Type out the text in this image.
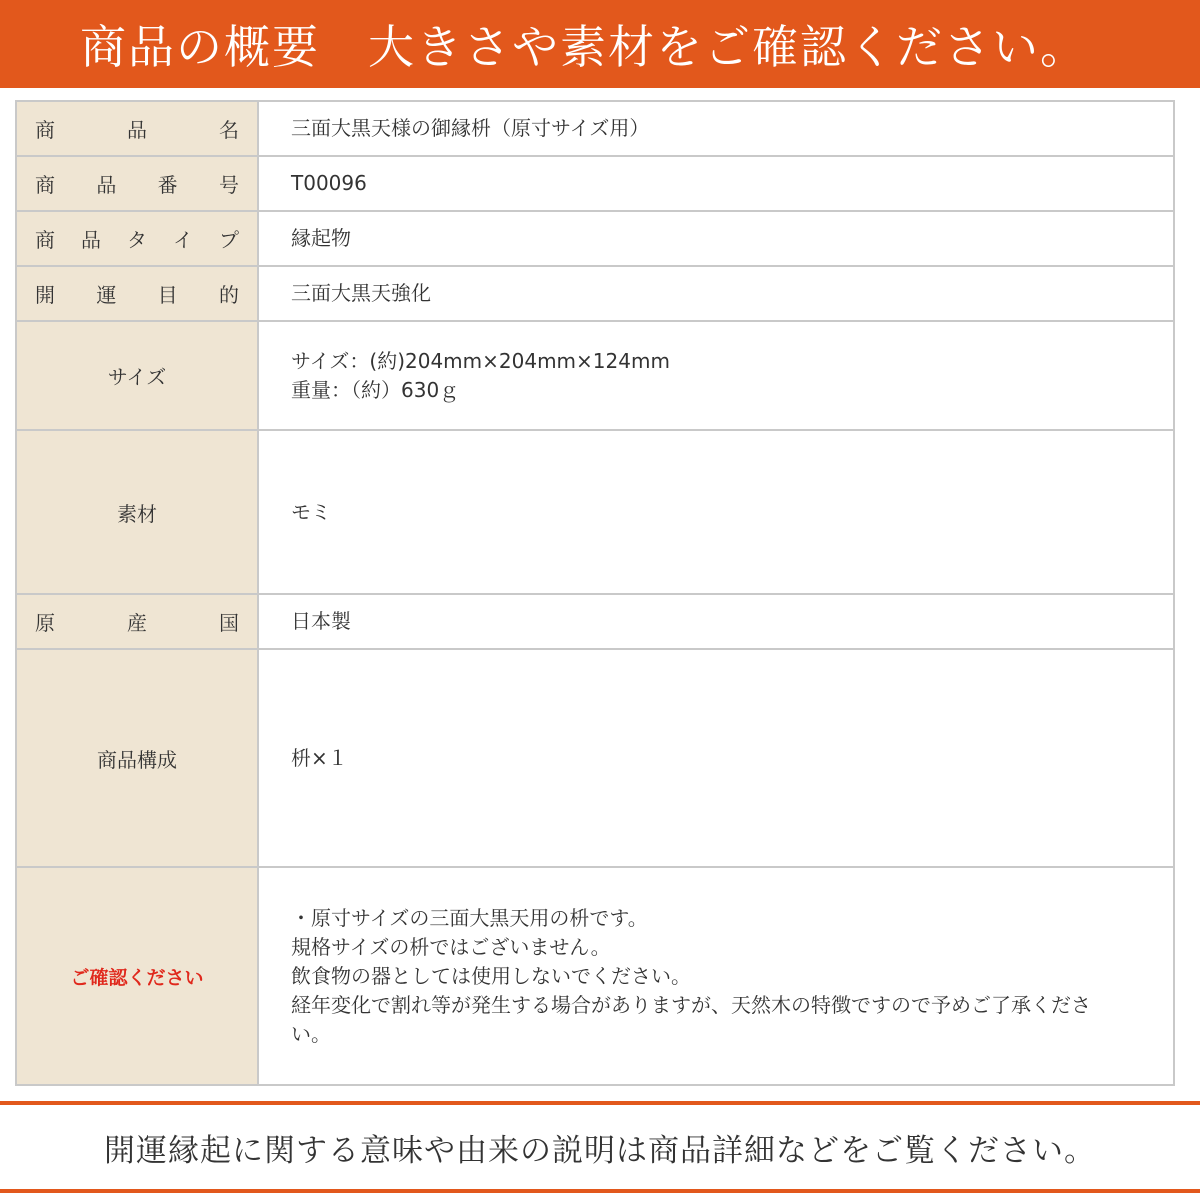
商品の概要　大きさや素材をご確認ください。
商 品 名	三面大黒天様の御縁枡（原寸サイズ用）

商 品 番 号	T00096

商 品 タ イ プ	縁起物

開 運 目 的	三面大黒天強化

サイズ	サイズ：(約)204mm×204mm×124mm
重量：（約）630ｇ

素材	モミ

原 産 国	日本製

商品構成	枡×１

ご確認ください	・原寸サイズの三面大黒天用の枡です。
規格サイズの枡ではございません。
飲食物の器としては使用しないでください。
経年変化で割れ等が発生する場合がありますが、天然木の特徴ですので予めご了承くださ
い。
開運縁起に関する意味や由来の説明は商品詳細などをご覧ください。
